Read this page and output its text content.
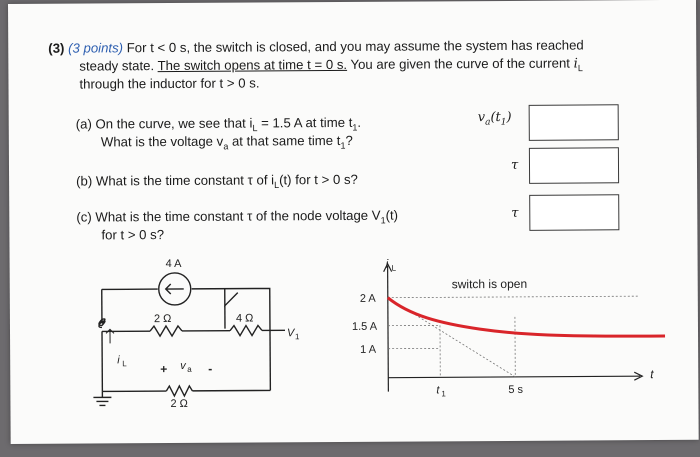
(3) (3 points) For t < 0 s, the switch is closed, and you may assume the system has reached
steady state. The switch opens at time t = 0 s. You are given the curve of the current $i_L$
through the inductor for t > 0 s.
(a) On the curve, we see that $i_L = 1.5$ A at time $t_1$.
What is the voltage $v_a$ at that same time $t_1$?
$v_a(t_1)$
(b) What is the time constant τ of $i_L(t)$ for t > 0 s?
τ
(c) What is the time constant τ of the node voltage $V_1(t)$
for t > 0 s?
τ
4 A
2 Ω	4 Ω
2 Ω
V 1
i L	+ v a -
i L
2 A
1.5 A
1 A
t 1	5 s
t
switch is open
